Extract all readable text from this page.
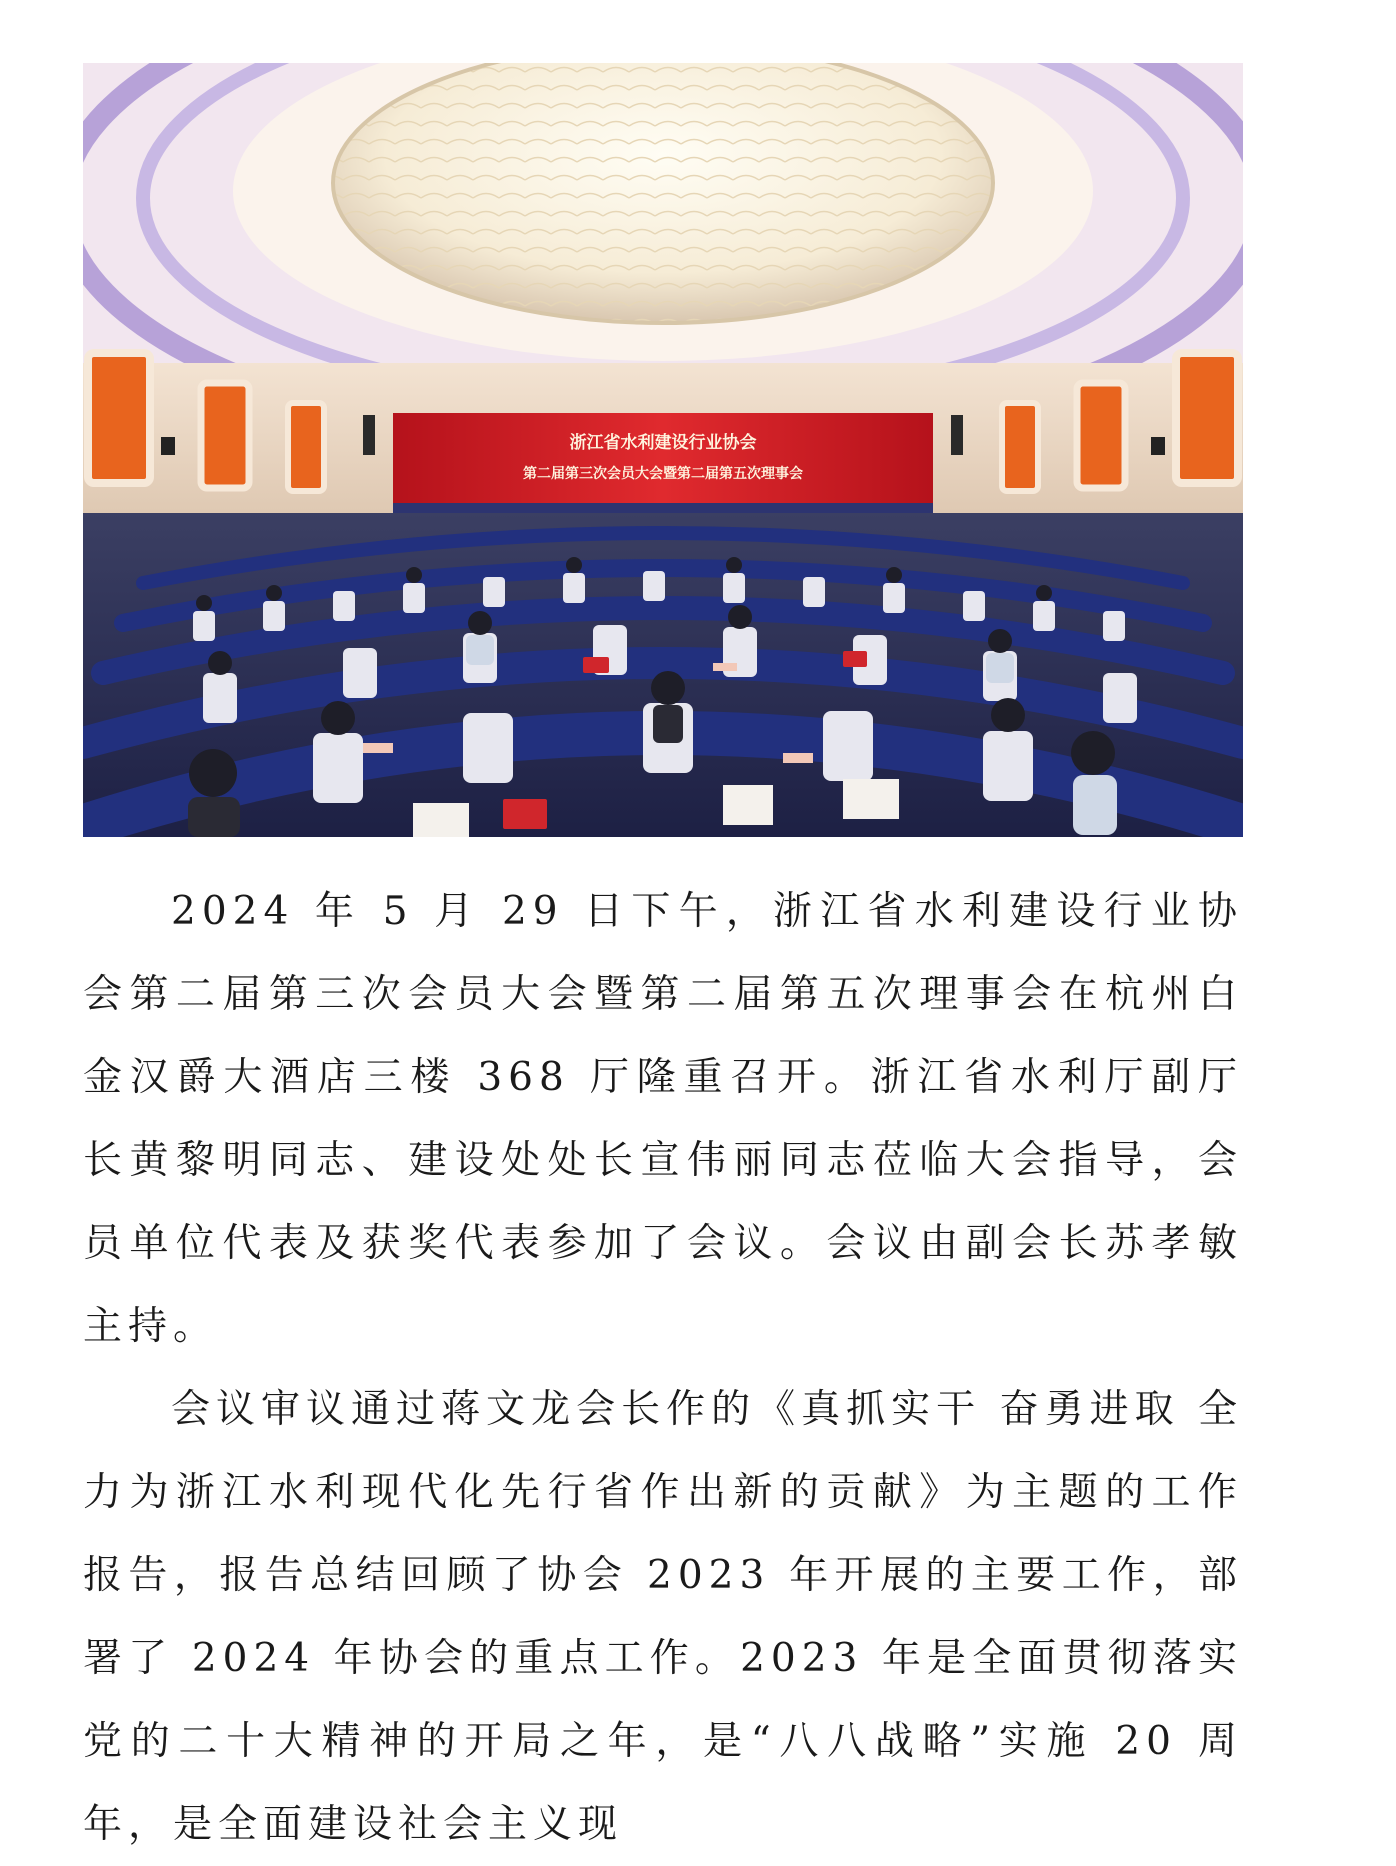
浙江省水利建设行业协会
第二届第三次会员大会暨第二届第五次理事会

2024 年 5 月 29 日下午，浙江省水利建设行业协会第二届第三次会员大会暨第二届第五次理事会在杭州白金汉爵大酒店三楼 368 厅隆重召开。浙江省水利厅副厅长黄黎明同志、建设处处长宣伟丽同志莅临大会指导，会员单位代表及获奖代表参加了会议。会议由副会长苏孝敏主持。

会议审议通过蒋文龙会长作的《真抓实干 奋勇进取 全力为浙江水利现代化先行省作出新的贡献》为主题的工作报告，报告总结回顾了协会 2023 年开展的主要工作，部署了 2024 年协会的重点工作。2023 年是全面贯彻落实党的二十大精神的开局之年，是“八八战略”实施 20 周年，是全面建设社会主义现
